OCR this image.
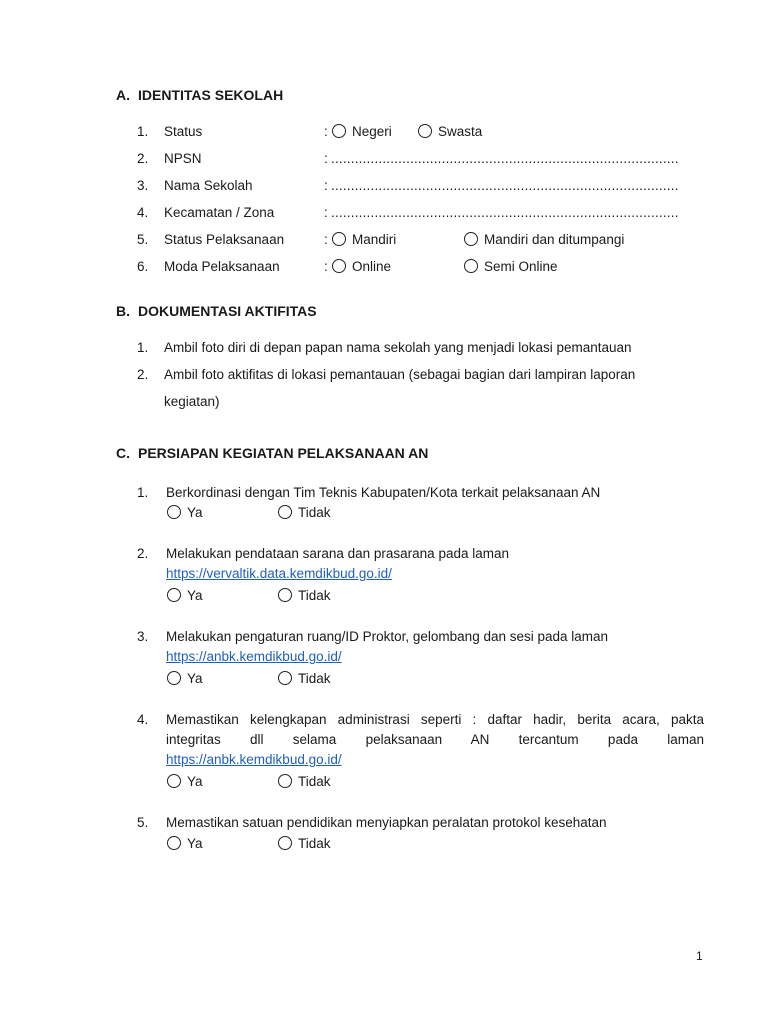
A. IDENTITAS SEKOLAH
1. Status	:	Negeri	Swasta
2. NPSN	: ........................................................................................
3. Nama Sekolah	: ........................................................................................
4. Kecamatan / Zona	: ........................................................................................
5. Status Pelaksanaan	:	Mandiri	Mandiri dan ditumpangi
6. Moda Pelaksanaan	:	Online	Semi Online
B. DOKUMENTASI AKTIFITAS
1. Ambil foto diri di depan papan nama sekolah yang menjadi lokasi pemantauan
2. Ambil foto aktifitas di lokasi pemantauan (sebagai bagian dari lampiran laporan
kegiatan)
C. PERSIAPAN KEGIATAN PELAKSANAAN AN
1. Berkordinasi dengan Tim Teknis Kabupaten/Kota terkait pelaksanaan AN
Ya	Tidak
2. Melakukan pendataan sarana dan prasarana pada laman
https://vervaltik.data.kemdikbud.go.id/
Ya	Tidak
3. Melakukan pengaturan ruang/ID Proktor, gelombang dan sesi pada laman
https://anbk.kemdikbud.go.id/
Ya	Tidak
4. Memastikan kelengkapan administrasi seperti : daftar hadir, berita acara, pakta
integritas dll selama pelaksanaan AN tercantum pada laman
https://anbk.kemdikbud.go.id/
Ya	Tidak
5. Memastikan satuan pendidikan menyiapkan peralatan protokol kesehatan
Ya	Tidak
1
